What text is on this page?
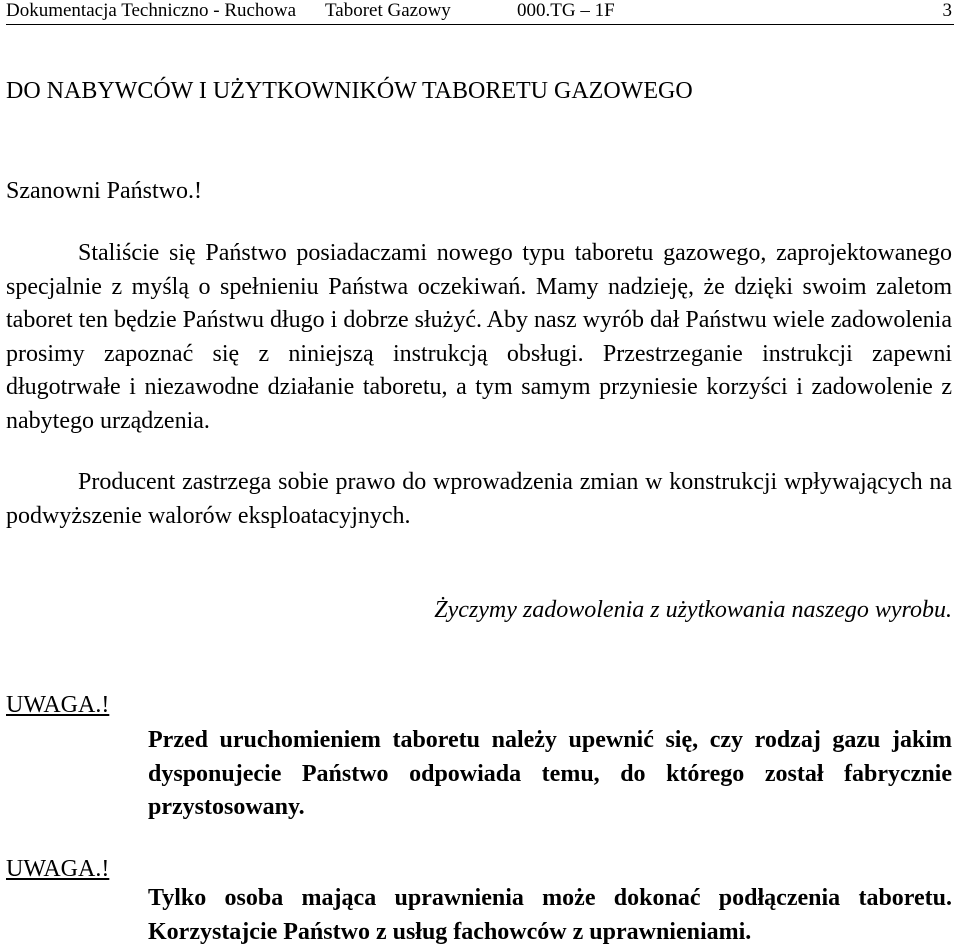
Dokumentacja Techniczno - Ruchowa Taboret Gazowy	000.TG – 1F	3
DO NABYWCÓW I UŻYTKOWNIKÓW TABORETU GAZOWEGO
Szanowni Państwo.!
Staliście się Państwo posiadaczami nowego typu taboretu gazowego, zaprojektowanego specjalnie z myślą o spełnieniu Państwa oczekiwań. Mamy nadzieję, że dzięki swoim zaletom taboret ten będzie Państwu długo i dobrze służyć. Aby nasz wyrób dał Państwu wiele zadowolenia prosimy zapoznać się z niniejszą instrukcją obsługi. Przestrzeganie instrukcji zapewni długotrwałe i niezawodne działanie taboretu, a tym samym przyniesie korzyści i zadowolenie z nabytego urządzenia.
Producent zastrzega sobie prawo do wprowadzenia zmian w konstrukcji wpływających na podwyższenie walorów eksploatacyjnych.
Życzymy zadowolenia z użytkowania naszego wyrobu.
UWAGA.!
Przed uruchomieniem taboretu należy upewnić się, czy rodzaj gazu jakim dysponujecie Państwo odpowiada temu, do którego został fabrycznie przystosowany.
UWAGA.!
Tylko osoba mająca uprawnienia może dokonać podłączenia taboretu. Korzystajcie Państwo z usług fachowców z uprawnieniami.
